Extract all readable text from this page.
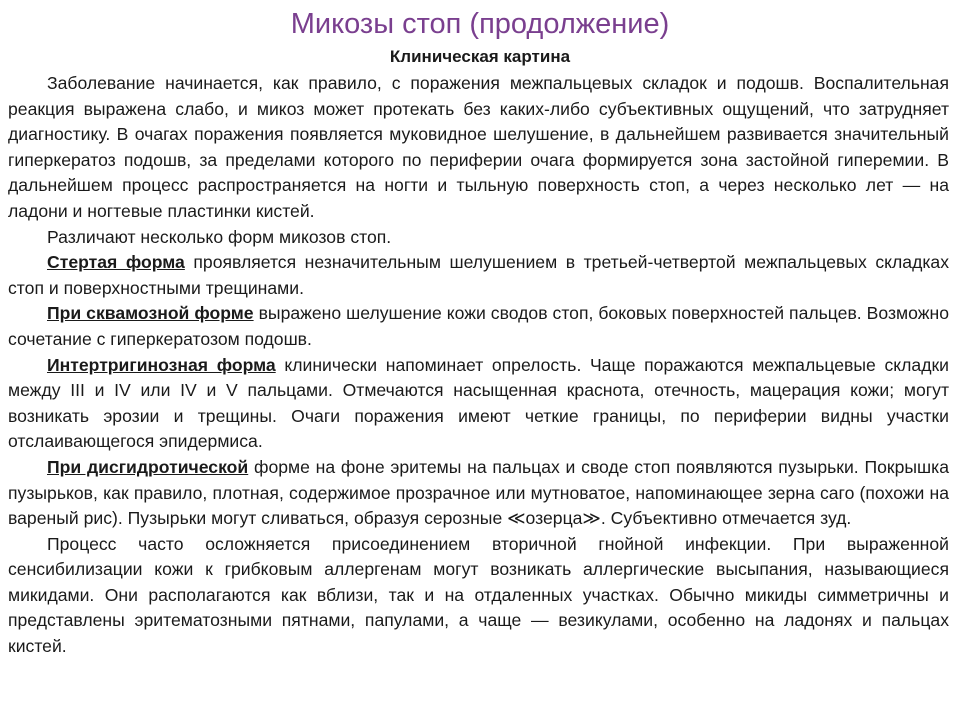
Микозы стоп (продолжение)
Клиническая картина

Заболевание начинается, как правило, с поражения межпальцевых складок и подошв. Воспалительная реакция выражена слабо, и микоз может протекать без каких-либо субъективных ощущений, что затрудняет диагностику. В очагах поражения появляется муковидное шелушение, в дальнейшем развивается значительный гиперкератоз подошв, за пределами которого по периферии очага формируется зона застойной гиперемии. В дальнейшем процесс распространяется на ногти и тыльную поверхность стоп, а через несколько лет — на ладони и ногтевые пластинки кистей.

Различают несколько форм микозов стоп.

Стертая форма проявляется незначительным шелушением в третьей-четвертой межпальцевых складках стоп и поверхностными трещинами.

При сквамозной форме выражено шелушение кожи сводов стоп, боковых поверхностей пальцев. Возможно сочетание с гиперкератозом подошв.

Интертригинозная форма клинически напоминает опрелость. Чаще поражаются межпальцевые складки между III и IV или IV и V пальцами. Отмечаются насыщенная краснота, отечность, мацерация кожи; могут возникать эрозии и трещины. Очаги поражения имеют четкие границы, по периферии видны участки отслаивающегося эпидермиса.

При дисгидротической форме на фоне эритемы на пальцах и своде стоп появляются пузырьки. Покрышка пузырьков, как правило, плотная, содержимое прозрачное или мутноватое, напоминающее зерна саго (похожи на вареный рис). Пузырьки могут сливаться, образуя серозные ≪озерца≫. Субъективно отмечается зуд.

Процесс часто осложняется присоединением вторичной гнойной инфекции. При выраженной сенсибилизации кожи к грибковым аллергенам могут возникать аллергические высыпания, называющиеся микидами. Они располагаются как вблизи, так и на отдаленных участках. Обычно микиды симметричны и представлены эритематозными пятнами, папулами, а чаще — везикулами, особенно на ладонях и пальцах кистей.
